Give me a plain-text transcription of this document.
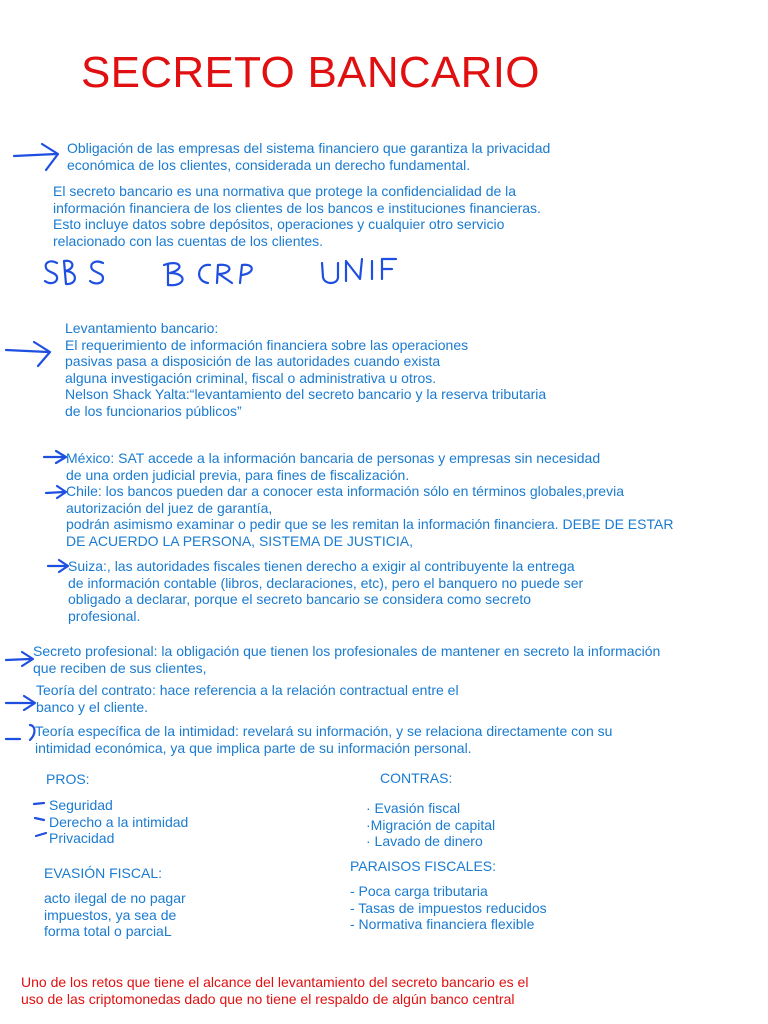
SECRETO BANCARIO
Obligación de las empresas del sistema financiero que garantiza la privacidad
económica de los clientes, considerada un derecho fundamental.
El secreto bancario es una normativa que protege la confidencialidad de la
información financiera de los clientes de los bancos e instituciones financieras.
Esto incluye datos sobre depósitos, operaciones y cualquier otro servicio
relacionado con las cuentas de los clientes.
Levantamiento bancario:
El requerimiento de información financiera sobre las operaciones
pasivas pasa a disposición de las autoridades cuando exista
alguna investigación criminal, fiscal o administrativa u otros.
Nelson Shack Yalta:“levantamiento del secreto bancario y la reserva tributaria
de los funcionarios públicos”
México: SAT accede a la información bancaria de personas y empresas sin necesidad
de una orden judicial previa, para fines de fiscalización.
Chile: los bancos pueden dar a conocer esta información sólo en términos globales,previa
autorización del juez de garantía,
podrán asimismo examinar o pedir que se les remitan la información financiera. DEBE DE ESTAR
DE ACUERDO LA PERSONA, SISTEMA DE JUSTICIA,
Suiza:, las autoridades fiscales tienen derecho a exigir al contribuyente la entrega
de información contable (libros, declaraciones, etc), pero el banquero no puede ser
obligado a declarar, porque el secreto bancario se considera como secreto
profesional.
Secreto profesional: la obligación que tienen los profesionales de mantener en secreto la información
que reciben de sus clientes,
Teoría del contrato: hace referencia a la relación contractual entre el
banco y el cliente.
Teoría específica de la intimidad: revelará su información, y se relaciona directamente con su
intimidad económica, ya que implica parte de su información personal.
PROS:
Seguridad
Derecho a la intimidad
Privacidad
CONTRAS:
· Evasión fiscal
·Migración de capital
· Lavado de dinero
EVASIÓN FISCAL:
acto ilegal de no pagar
impuestos, ya sea de
forma total o parciaL
PARAISOS FISCALES:
- Poca carga tributaria
- Tasas de impuestos reducidos
- Normativa financiera flexible
Uno de los retos que tiene el alcance del levantamiento del secreto bancario es el
uso de las criptomonedas dado que no tiene el respaldo de algún banco central
